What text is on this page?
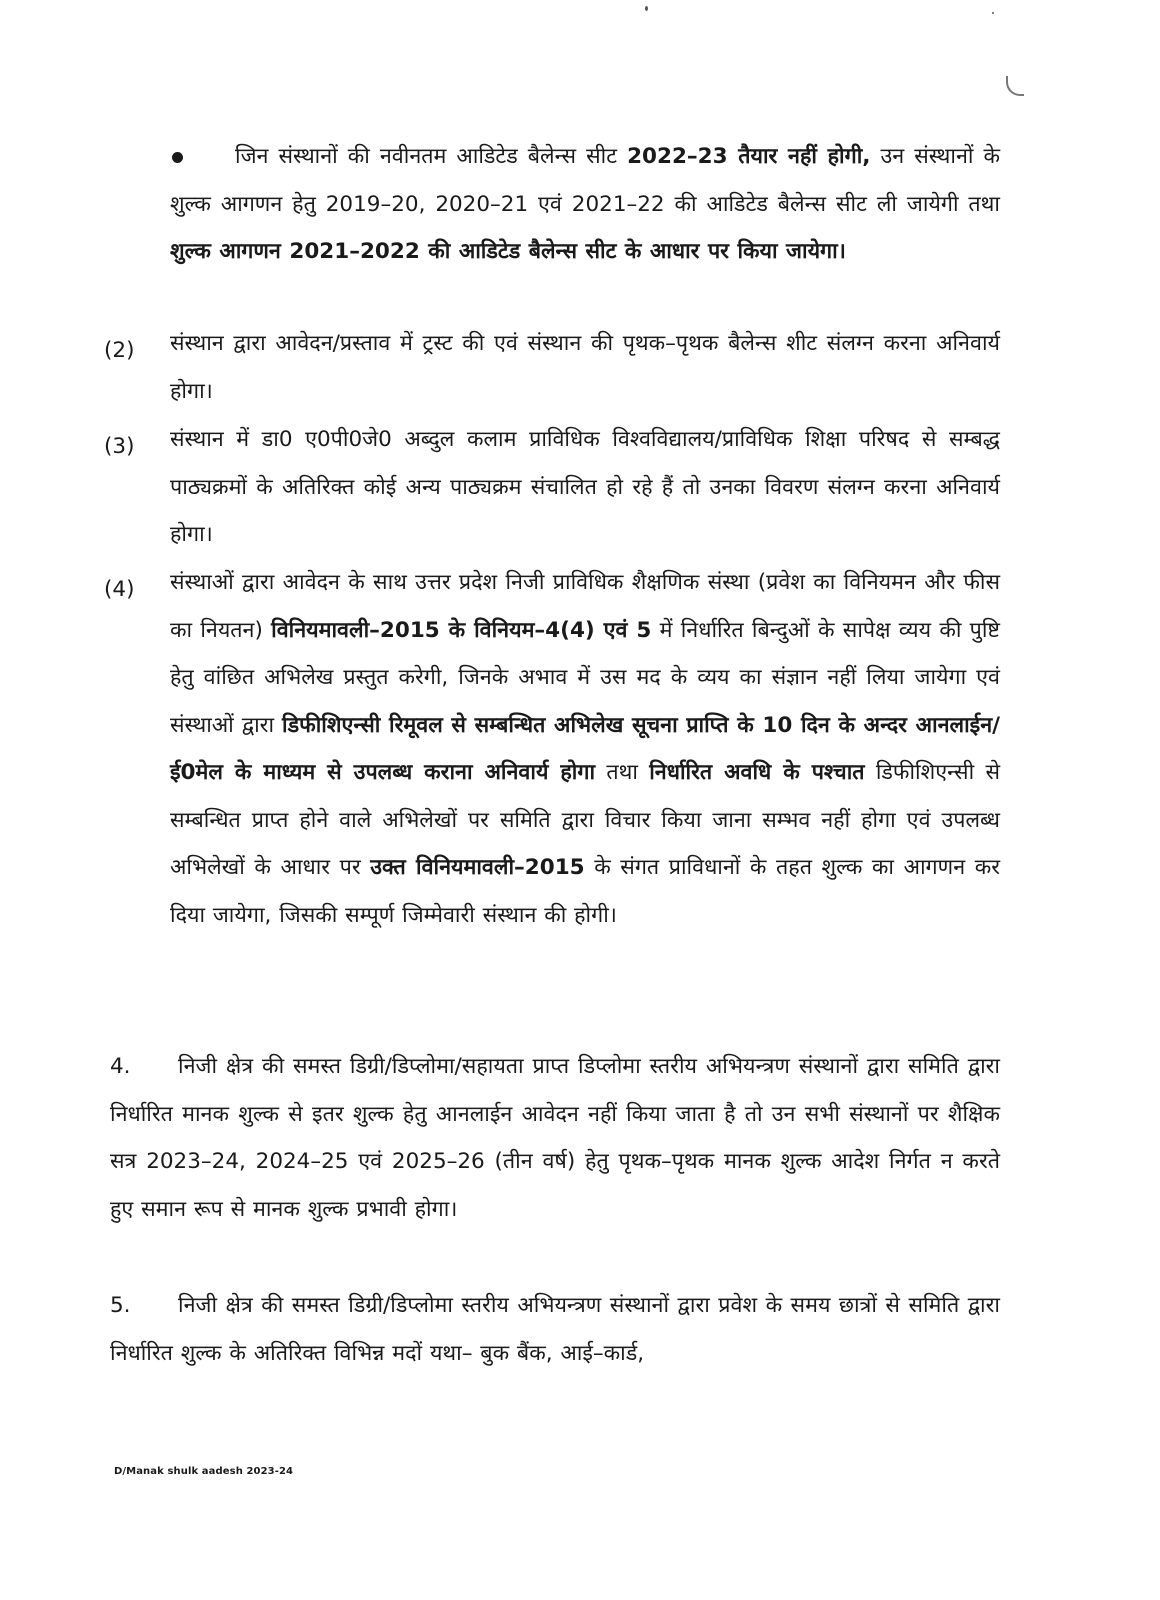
जिन संस्थानों की नवीनतम आडिटेड बैलेन्स सीट 2022–23 तैयार नहीं होगी, उन संस्थानों के शुल्क आगणन हेतु 2019–20, 2020–21 एवं 2021–22 की आडिटेड बैलेन्स सीट ली जायेगी तथा शुल्क आगणन 2021–2022 की आडिटेड बैलेन्स सीट के आधार पर किया जायेगा।
(2) संस्थान द्वारा आवेदन/प्रस्ताव में ट्रस्ट की एवं संस्थान की पृथक–पृथक बैलेन्स शीट संलग्न करना अनिवार्य होगा।
(3) संस्थान में डा0 ए0पी0जे0 अब्दुल कलाम प्राविधिक विश्वविद्यालय/प्राविधिक शिक्षा परिषद से सम्बद्ध पाठ्यक्रमों के अतिरिक्त कोई अन्य पाठ्यक्रम संचालित हो रहे हैं तो उनका विवरण संलग्न करना अनिवार्य होगा।
(4) संस्थाओं द्वारा आवेदन के साथ उत्तर प्रदेश निजी प्राविधिक शैक्षणिक संस्था (प्रवेश का विनियमन और फीस का नियतन) विनियमावली–2015 के विनियम–4(4) एवं 5 में निर्धारित बिन्दुओं के सापेक्ष व्यय की पुष्टि हेतु वांछित अभिलेख प्रस्तुत करेगी, जिनके अभाव में उस मद के व्यय का संज्ञान नहीं लिया जायेगा एवं संस्थाओं द्वारा डिफीशिएन्सी रिमूवल से सम्बन्धित अभिलेख सूचना प्राप्ति के 10 दिन के अन्दर आनलाईन/ई0मेल के माध्यम से उपलब्ध कराना अनिवार्य होगा तथा निर्धारित अवधि के पश्चात डिफीशिएन्सी से सम्बन्धित प्राप्त होने वाले अभिलेखों पर समिति द्वारा विचार किया जाना सम्भव नहीं होगा एवं उपलब्ध अभिलेखों के आधार पर उक्त विनियमावली–2015 के संगत प्राविधानों के तहत शुल्क का आगणन कर दिया जायेगा, जिसकी सम्पूर्ण जिम्मेवारी संस्थान की होगी।
4. निजी क्षेत्र की समस्त डिग्री/डिप्लोमा/सहायता प्राप्त डिप्लोमा स्तरीय अभियन्त्रण संस्थानों द्वारा समिति द्वारा निर्धारित मानक शुल्क से इतर शुल्क हेतु आनलाईन आवेदन नहीं किया जाता है तो उन सभी संस्थानों पर शैक्षिक सत्र 2023–24, 2024–25 एवं 2025–26 (तीन वर्ष) हेतु पृथक–पृथक मानक शुल्क आदेश निर्गत न करते हुए समान रूप से मानक शुल्क प्रभावी होगा।
5. निजी क्षेत्र की समस्त डिग्री/डिप्लोमा स्तरीय अभियन्त्रण संस्थानों द्वारा प्रवेश के समय छात्रों से समिति द्वारा निर्धारित शुल्क के अतिरिक्त विभिन्न मदों यथा– बुक बैंक, आई–कार्ड,
D/Manak shulk aadesh 2023-24
